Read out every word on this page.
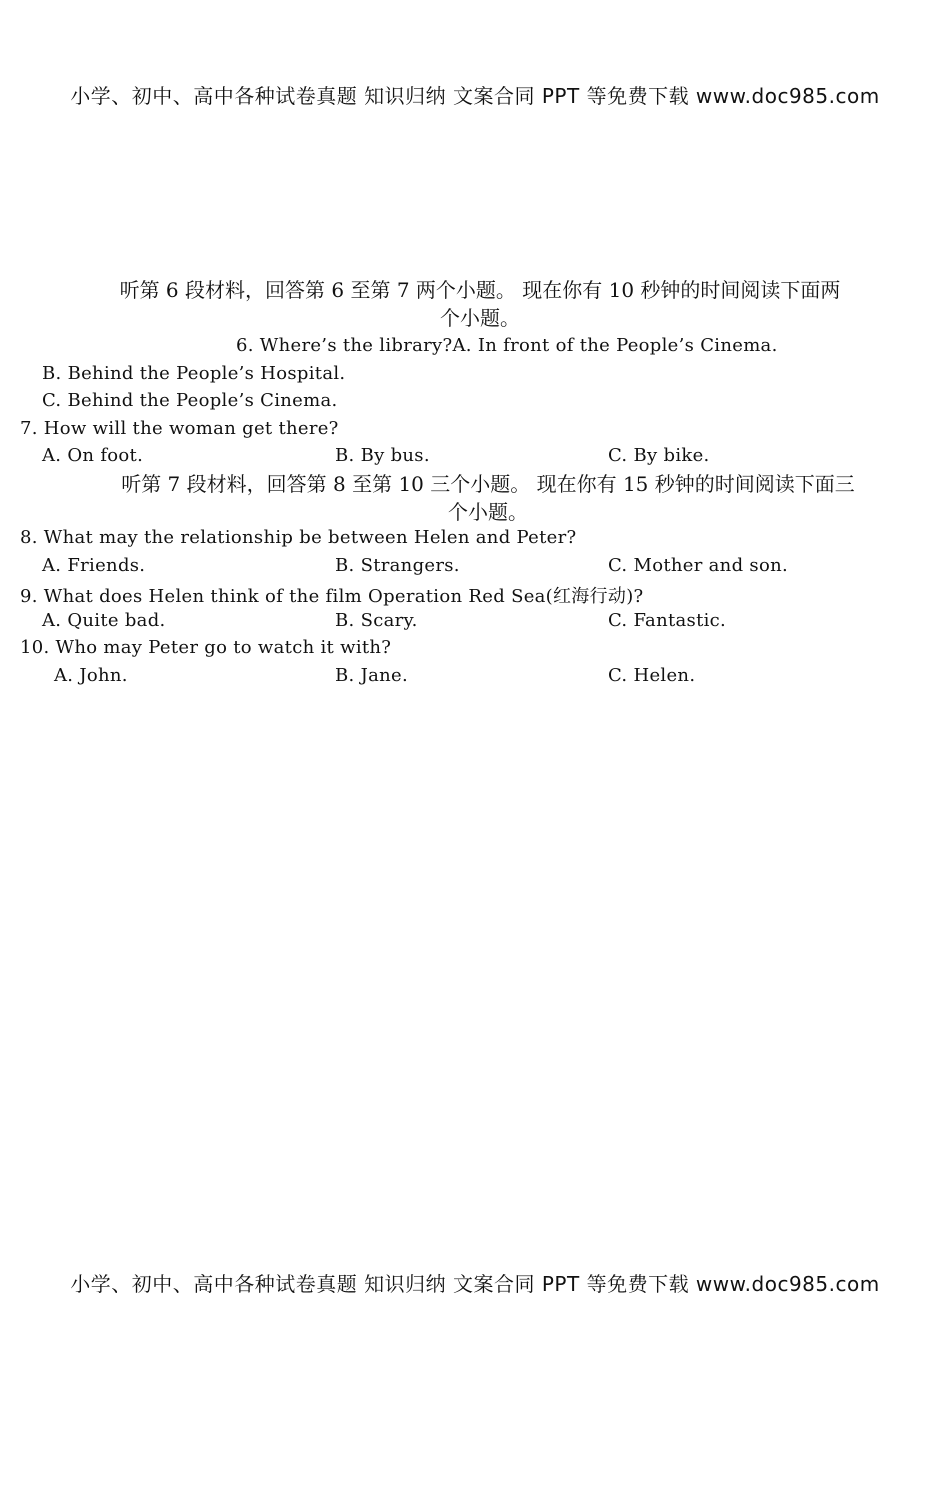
小学、初中、高中各种试卷真题 知识归纳 文案合同 PPT 等免费下载 www.doc985.com
听第 6 段材料，回答第 6 至第 7 两个小题。 现在你有 10 秒钟的时间阅读下面两
个小题。
6. Where’s the library?A. In front of the People’s Cinema.
B. Behind the People’s Hospital.
C. Behind the People’s Cinema.
7. How will the woman get there?
A. On foot.	B. By bus.	C. By bike.
听第 7 段材料，回答第 8 至第 10 三个小题。 现在你有 15 秒钟的时间阅读下面三
个小题。
8. What may the relationship be between Helen and Peter?
A. Friends.	B. Strangers.	C. Mother and son.
9. What does Helen think of the film Operation Red Sea(红海行动)?
A. Quite bad.	B. Scary.	C. Fantastic.
10. Who may Peter go to watch it with?
A. John.	B. Jane.	C. Helen.
小学、初中、高中各种试卷真题 知识归纳 文案合同 PPT 等免费下载 www.doc985.com
